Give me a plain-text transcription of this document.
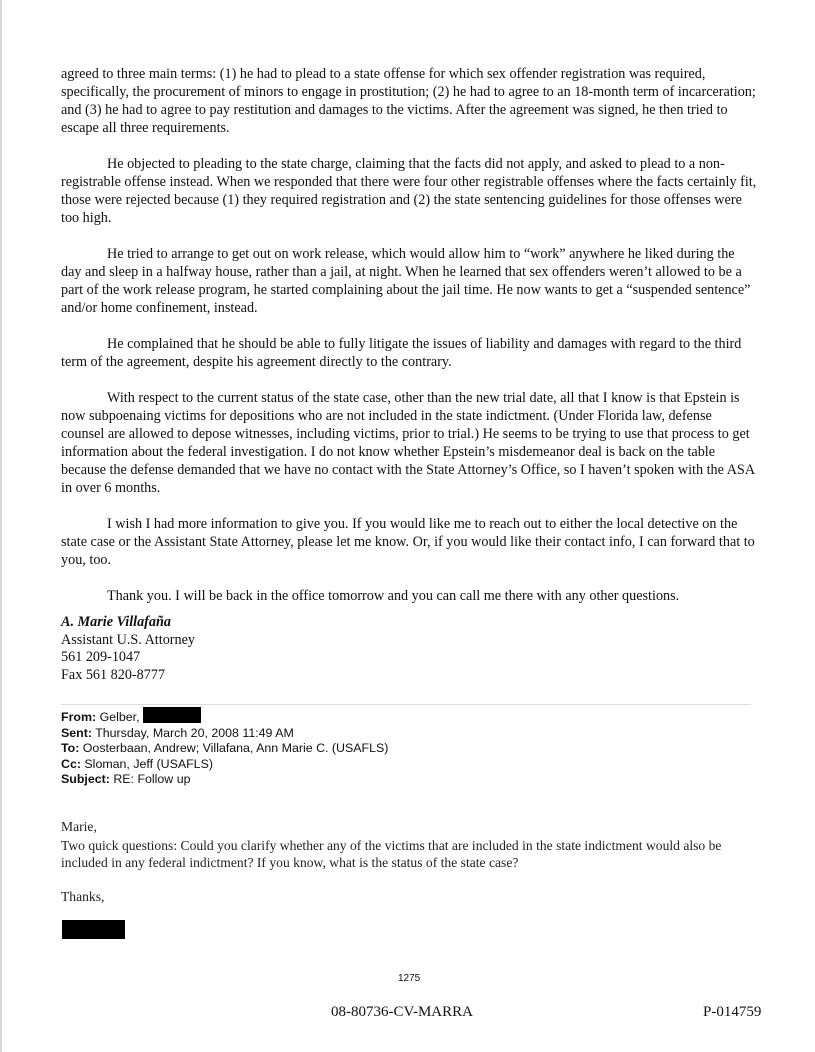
agreed to three main terms: (1) he had to plead to a state offense for which sex offender registration was required, specifically, the procurement of minors to engage in prostitution; (2) he had to agree to an 18-month term of incarceration; and (3) he had to agree to pay restitution and damages to the victims. After the agreement was signed, he then tried to escape all three requirements.

He objected to pleading to the state charge, claiming that the facts did not apply, and asked to plead to a non-registrable offense instead. When we responded that there were four other registrable offenses where the facts certainly fit, those were rejected because (1) they required registration and (2) the state sentencing guidelines for those offenses were too high.

He tried to arrange to get out on work release, which would allow him to “work” anywhere he liked during the day and sleep in a halfway house, rather than a jail, at night. When he learned that sex offenders weren’t allowed to be a part of the work release program, he started complaining about the jail time. He now wants to get a “suspended sentence” and/or home confinement, instead.

He complained that he should be able to fully litigate the issues of liability and damages with regard to the third term of the agreement, despite his agreement directly to the contrary.

With respect to the current status of the state case, other than the new trial date, all that I know is that Epstein is now subpoenaing victims for depositions who are not included in the state indictment. (Under Florida law, defense counsel are allowed to depose witnesses, including victims, prior to trial.) He seems to be trying to use that process to get information about the federal investigation. I do not know whether Epstein’s misdemeanor deal is back on the table because the defense demanded that we have no contact with the State Attorney’s Office, so I haven’t spoken with the ASA in over 6 months.

I wish I had more information to give you. If you would like me to reach out to either the local detective on the state case or the Assistant State Attorney, please let me know. Or, if you would like their contact info, I can forward that to you, too.

Thank you. I will be back in the office tomorrow and you can call me there with any other questions.

A. Marie Villafaña
Assistant U.S. Attorney
561 209-1047
Fax 561 820-8777
From: Gelber,
Sent: Thursday, March 20, 2008 11:49 AM
To: Oosterbaan, Andrew; Villafana, Ann Marie C. (USAFLS)
Cc: Sloman, Jeff (USAFLS)
Subject: RE: Follow up
Marie,
Two quick questions: Could you clarify whether any of the victims that are included in the state indictment would also be included in any federal indictment? If you know, what is the status of the state case?
Thanks,
1275
08-80736-CV-MARRA	P-014759
